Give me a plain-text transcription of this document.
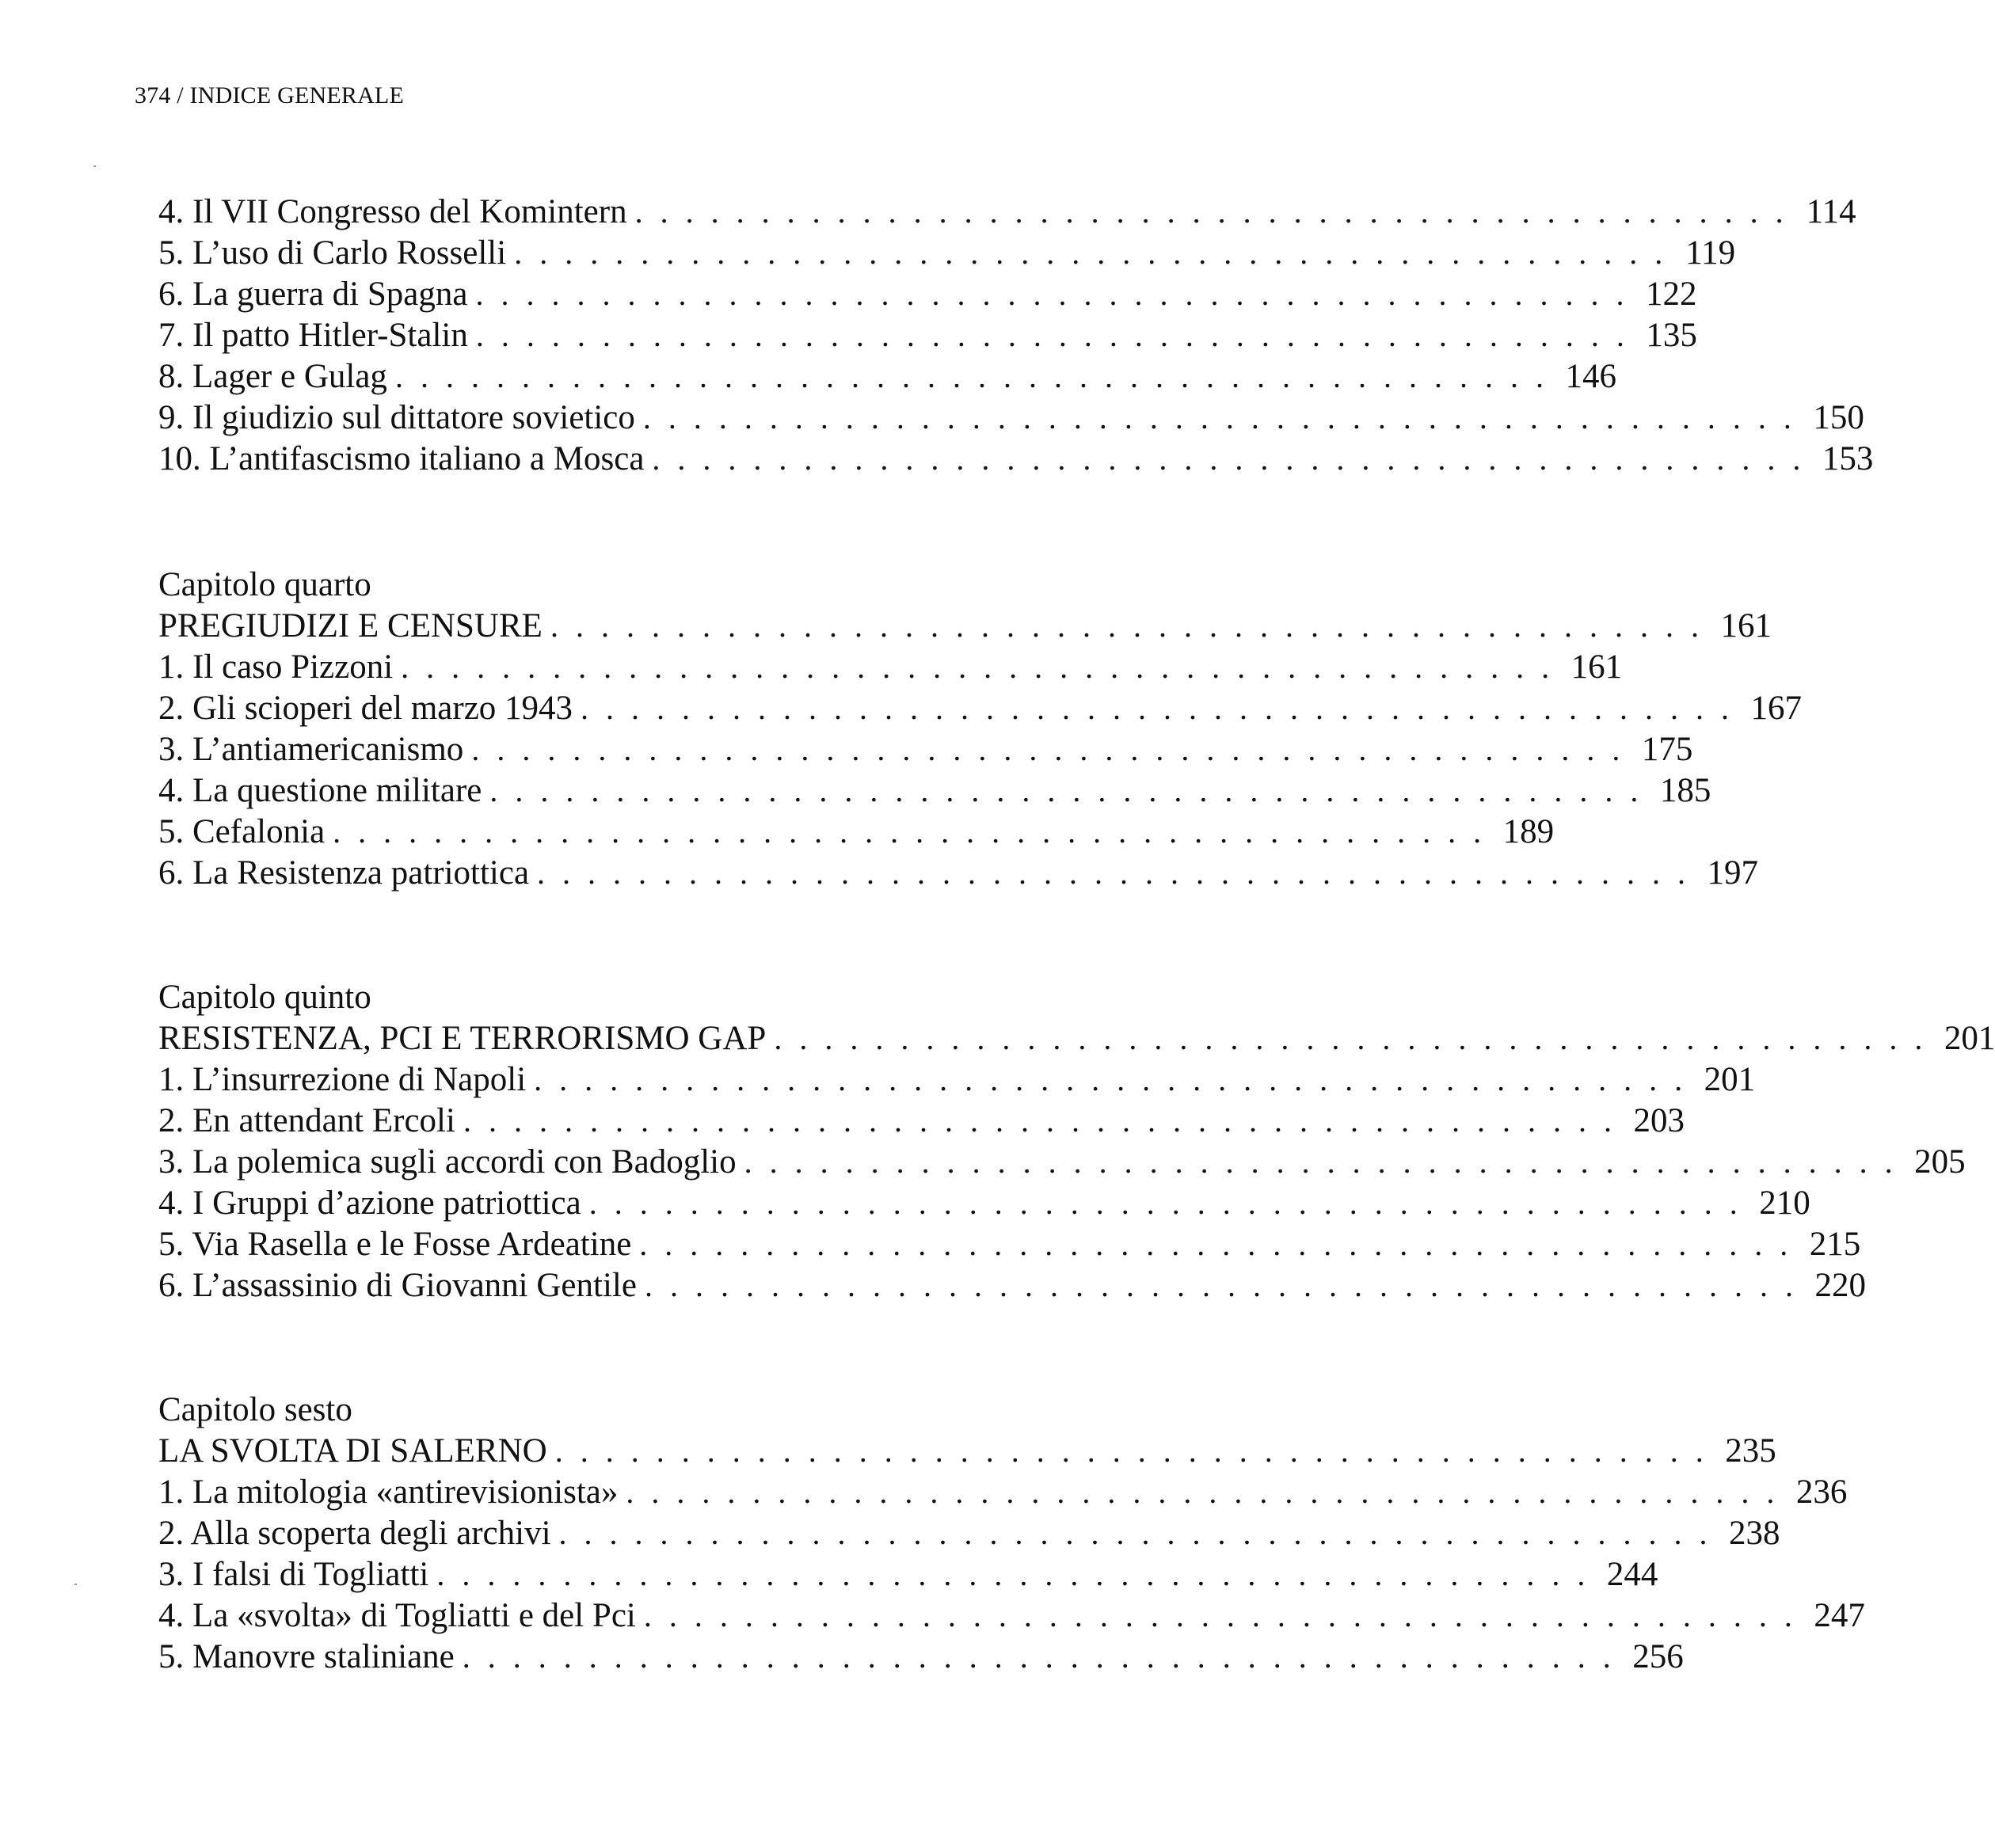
374 / INDICE GENERALE
4. Il VII Congresso del Komintern . . . . . . . . . . . . . . . . . . . . . . . . . . . . . . . . . . . . . . . . . . . . . . 114
5. L’uso di Carlo Rosselli . . . . . . . . . . . . . . . . . . . . . . . . . . . . . . . . . . . . . . . . . . . . . . 119
6. La guerra di Spagna . . . . . . . . . . . . . . . . . . . . . . . . . . . . . . . . . . . . . . . . . . . . . . 122
7. Il patto Hitler-Stalin . . . . . . . . . . . . . . . . . . . . . . . . . . . . . . . . . . . . . . . . . . . . . . 135
8. Lager e Gulag . . . . . . . . . . . . . . . . . . . . . . . . . . . . . . . . . . . . . . . . . . . . . . 146
9. Il giudizio sul dittatore sovietico . . . . . . . . . . . . . . . . . . . . . . . . . . . . . . . . . . . . . . . . . . . . . . 150
10. L’antifascismo italiano a Mosca . . . . . . . . . . . . . . . . . . . . . . . . . . . . . . . . . . . . . . . . . . . . . . 153
Capitolo quarto
PREGIUDIZI E CENSURE . . . . . . . . . . . . . . . . . . . . . . . . . . . . . . . . . . . . . . . . . . . . . . 161
1. Il caso Pizzoni . . . . . . . . . . . . . . . . . . . . . . . . . . . . . . . . . . . . . . . . . . . . . . 161
2. Gli scioperi del marzo 1943 . . . . . . . . . . . . . . . . . . . . . . . . . . . . . . . . . . . . . . . . . . . . . . 167
3. L’antiamericanismo . . . . . . . . . . . . . . . . . . . . . . . . . . . . . . . . . . . . . . . . . . . . . . 175
4. La questione militare . . . . . . . . . . . . . . . . . . . . . . . . . . . . . . . . . . . . . . . . . . . . . . 185
5. Cefalonia . . . . . . . . . . . . . . . . . . . . . . . . . . . . . . . . . . . . . . . . . . . . . . 189
6. La Resistenza patriottica . . . . . . . . . . . . . . . . . . . . . . . . . . . . . . . . . . . . . . . . . . . . . . 197
Capitolo quinto
RESISTENZA, PCI E TERRORISMO GAP . . . . . . . . . . . . . . . . . . . . . . . . . . . . . . . . . . . . . . . . . . . . . . 201
1. L’insurrezione di Napoli . . . . . . . . . . . . . . . . . . . . . . . . . . . . . . . . . . . . . . . . . . . . . . 201
2. En attendant Ercoli . . . . . . . . . . . . . . . . . . . . . . . . . . . . . . . . . . . . . . . . . . . . . . 203
3. La polemica sugli accordi con Badoglio . . . . . . . . . . . . . . . . . . . . . . . . . . . . . . . . . . . . . . . . . . . . . . 205
4. I Gruppi d’azione patriottica . . . . . . . . . . . . . . . . . . . . . . . . . . . . . . . . . . . . . . . . . . . . . . 210
5. Via Rasella e le Fosse Ardeatine . . . . . . . . . . . . . . . . . . . . . . . . . . . . . . . . . . . . . . . . . . . . . . 215
6. L’assassinio di Giovanni Gentile . . . . . . . . . . . . . . . . . . . . . . . . . . . . . . . . . . . . . . . . . . . . . . 220
Capitolo sesto
LA SVOLTA DI SALERNO . . . . . . . . . . . . . . . . . . . . . . . . . . . . . . . . . . . . . . . . . . . . . . 235
1. La mitologia «antirevisionista» . . . . . . . . . . . . . . . . . . . . . . . . . . . . . . . . . . . . . . . . . . . . . . 236
2. Alla scoperta degli archivi . . . . . . . . . . . . . . . . . . . . . . . . . . . . . . . . . . . . . . . . . . . . . . 238
3. I falsi di Togliatti . . . . . . . . . . . . . . . . . . . . . . . . . . . . . . . . . . . . . . . . . . . . . . 244
4. La «svolta» di Togliatti e del Pci . . . . . . . . . . . . . . . . . . . . . . . . . . . . . . . . . . . . . . . . . . . . . . 247
5. Manovre staliniane . . . . . . . . . . . . . . . . . . . . . . . . . . . . . . . . . . . . . . . . . . . . . . 256
